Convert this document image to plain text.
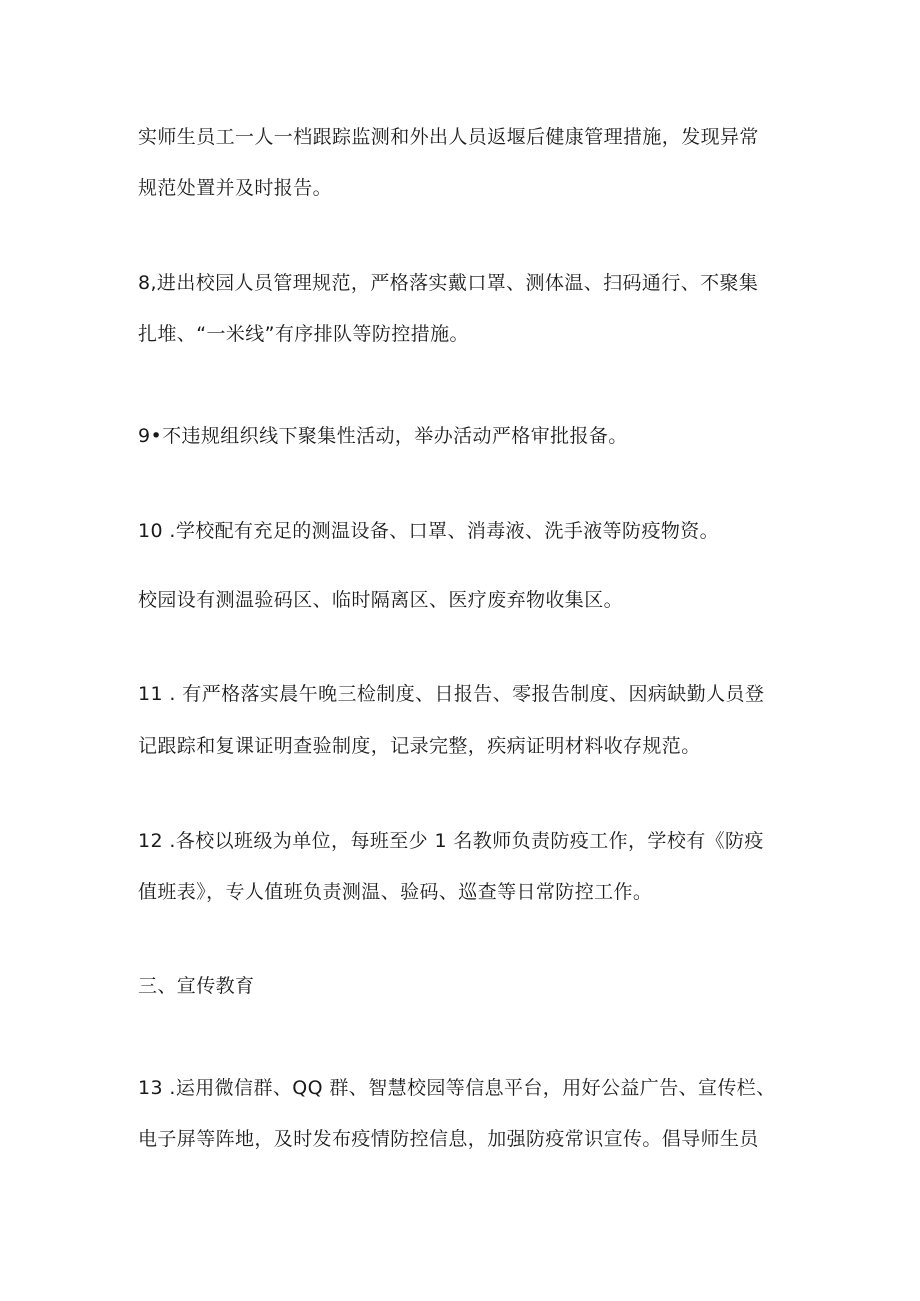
实师生员工一人一档跟踪监测和外出人员返堰后健康管理措施，发现异常
规范处置并及时报告。
8,进出校园人员管理规范，严格落实戴口罩、测体温、扫码通行、不聚集
扎堆、“一米线”有序排队等防控措施。
9•不违规组织线下聚集性活动，举办活动严格审批报备。
10 .学校配有充足的测温设备、口罩、消毒液、洗手液等防疫物资。
校园设有测温验码区、临时隔离区、医疗废弃物收集区。
11 . 有严格落实晨午晚三检制度、日报告、零报告制度、因病缺勤人员登
记跟踪和复课证明查验制度，记录完整，疾病证明材料收存规范。
12 .各校以班级为单位，每班至少 1 名教师负责防疫工作，学校有《防疫
值班表》，专人值班负责测温、验码、巡查等日常防控工作。
三、宣传教育
13 .运用微信群、QQ 群、智慧校园等信息平台，用好公益广告、宣传栏、
电子屏等阵地，及时发布疫情防控信息，加强防疫常识宣传。倡导师生员
